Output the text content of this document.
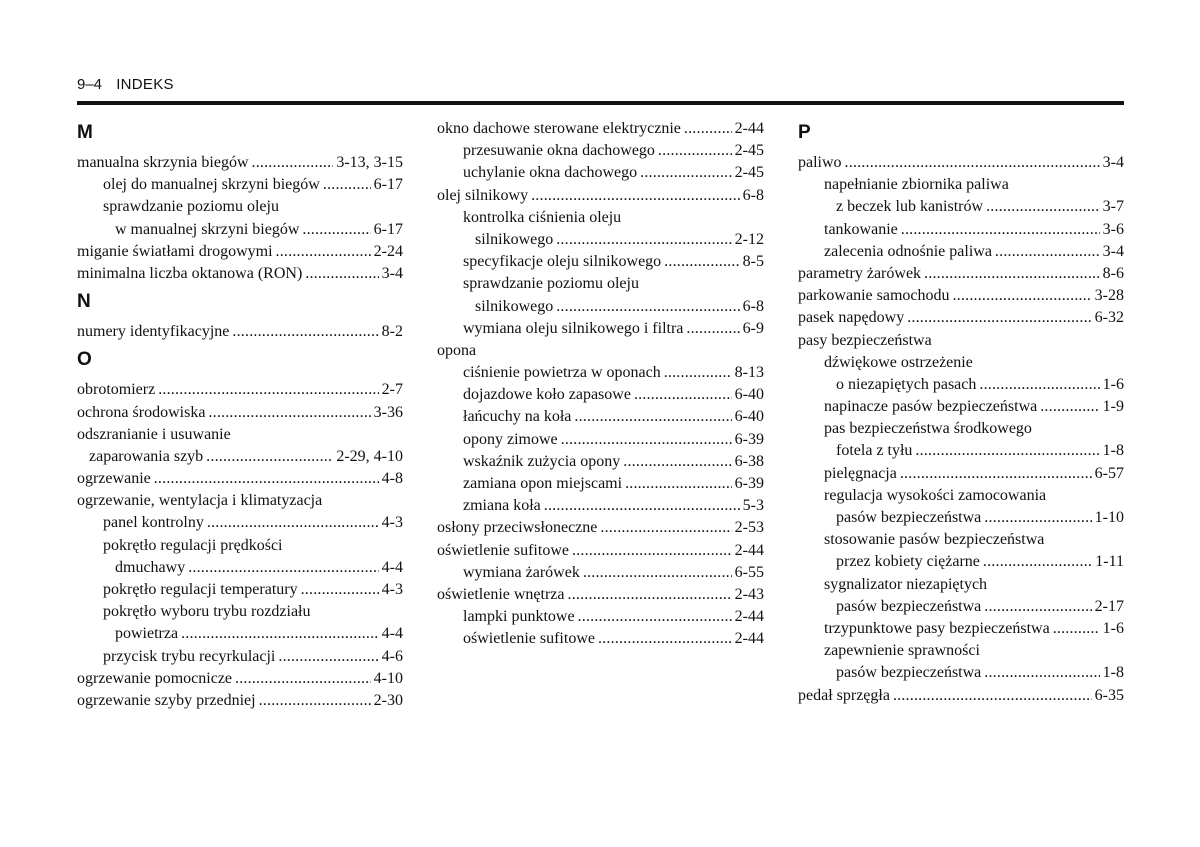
9–4 INDEKS
M
manualna skrzynia biegów .....	3-13, 3-15
olej do manualnej skrzyni biegów .....	6-17
sprawdzanie poziomu oleju
w manualnej skrzyni biegów .....	6-17
miganie światłami drogowymi .....	2-24
minimalna liczba oktanowa (RON) .....	3-4
N
numery identyfikacyjne .....	8-2
O
obrotomierz .....	2-7
ochrona środowiska .....	3-36
odszranianie i usuwanie
zaparowania szyb .....	2-29, 4-10
ogrzewanie .....	4-8
ogrzewanie, wentylacja i klimatyzacja
panel kontrolny .....	4-3
pokrętło regulacji prędkości
dmuchawy .....	4-4
pokrętło regulacji temperatury .....	4-3
pokrętło wyboru trybu rozdziału
powietrza .....	4-4
przycisk trybu recyrkulacji .....	4-6
ogrzewanie pomocnicze .....	4-10
ogrzewanie szyby przedniej .....	2-30
okno dachowe sterowane elektrycznie .....	2-44
przesuwanie okna dachowego .....	2-45
uchylanie okna dachowego .....	2-45
olej silnikowy .....	6-8
kontrolka ciśnienia oleju
silnikowego .....	2-12
specyfikacje oleju silnikowego .....	8-5
sprawdzanie poziomu oleju
silnikowego .....	6-8
wymiana oleju silnikowego i filtra .....	6-9
opona
ciśnienie powietrza w oponach .....	8-13
dojazdowe koło zapasowe .....	6-40
łańcuchy na koła .....	6-40
opony zimowe .....	6-39
wskaźnik zużycia opony .....	6-38
zamiana opon miejscami .....	6-39
zmiana koła .....	5-3
osłony przeciwsłoneczne .....	2-53
oświetlenie sufitowe .....	2-44
wymiana żarówek .....	6-55
oświetlenie wnętrza .....	2-43
lampki punktowe .....	2-44
oświetlenie sufitowe .....	2-44
P
paliwo .....	3-4
napełnianie zbiornika paliwa
z beczek lub kanistrów .....	3-7
tankowanie .....	3-6
zalecenia odnośnie paliwa .....	3-4
parametry żarówek .....	8-6
parkowanie samochodu .....	3-28
pasek napędowy .....	6-32
pasy bezpieczeństwa
dźwiękowe ostrzeżenie
o niezapiętych pasach .....	1-6
napinacze pasów bezpieczeństwa .....	1-9
pas bezpieczeństwa środkowego
fotela z tyłu .....	1-8
pielęgnacja .....	6-57
regulacja wysokości zamocowania
pasów bezpieczeństwa .....	1-10
stosowanie pasów bezpieczeństwa
przez kobiety ciężarne .....	1-11
sygnalizator niezapiętych
pasów bezpieczeństwa .....	2-17
trzypunktowe pasy bezpieczeństwa .....	1-6
zapewnienie sprawności
pasów bezpieczeństwa .....	1-8
pedał sprzęgła .....	6-35
